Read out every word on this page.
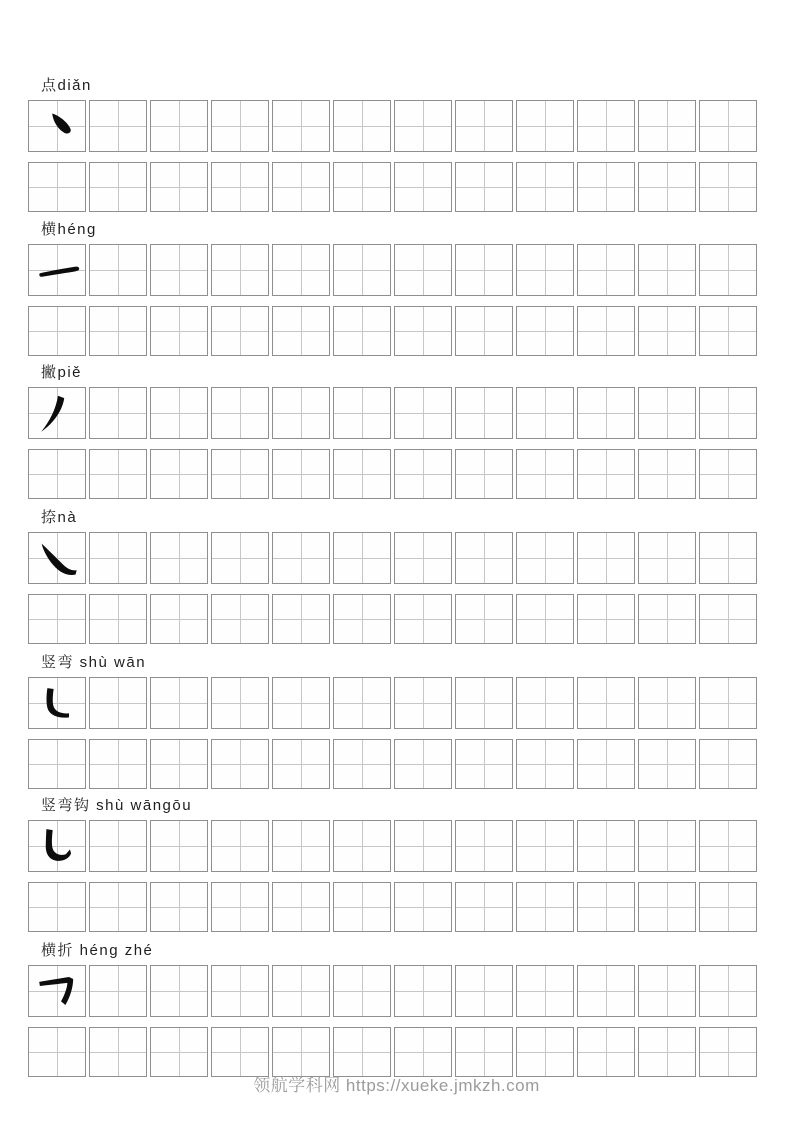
点diǎn
横héng
撇piě
捺nà
竖弯 shù wān
竖弯钩 shù wāngōu
横折 héng zhé
领航学科网 https://xueke.jmkzh.com
